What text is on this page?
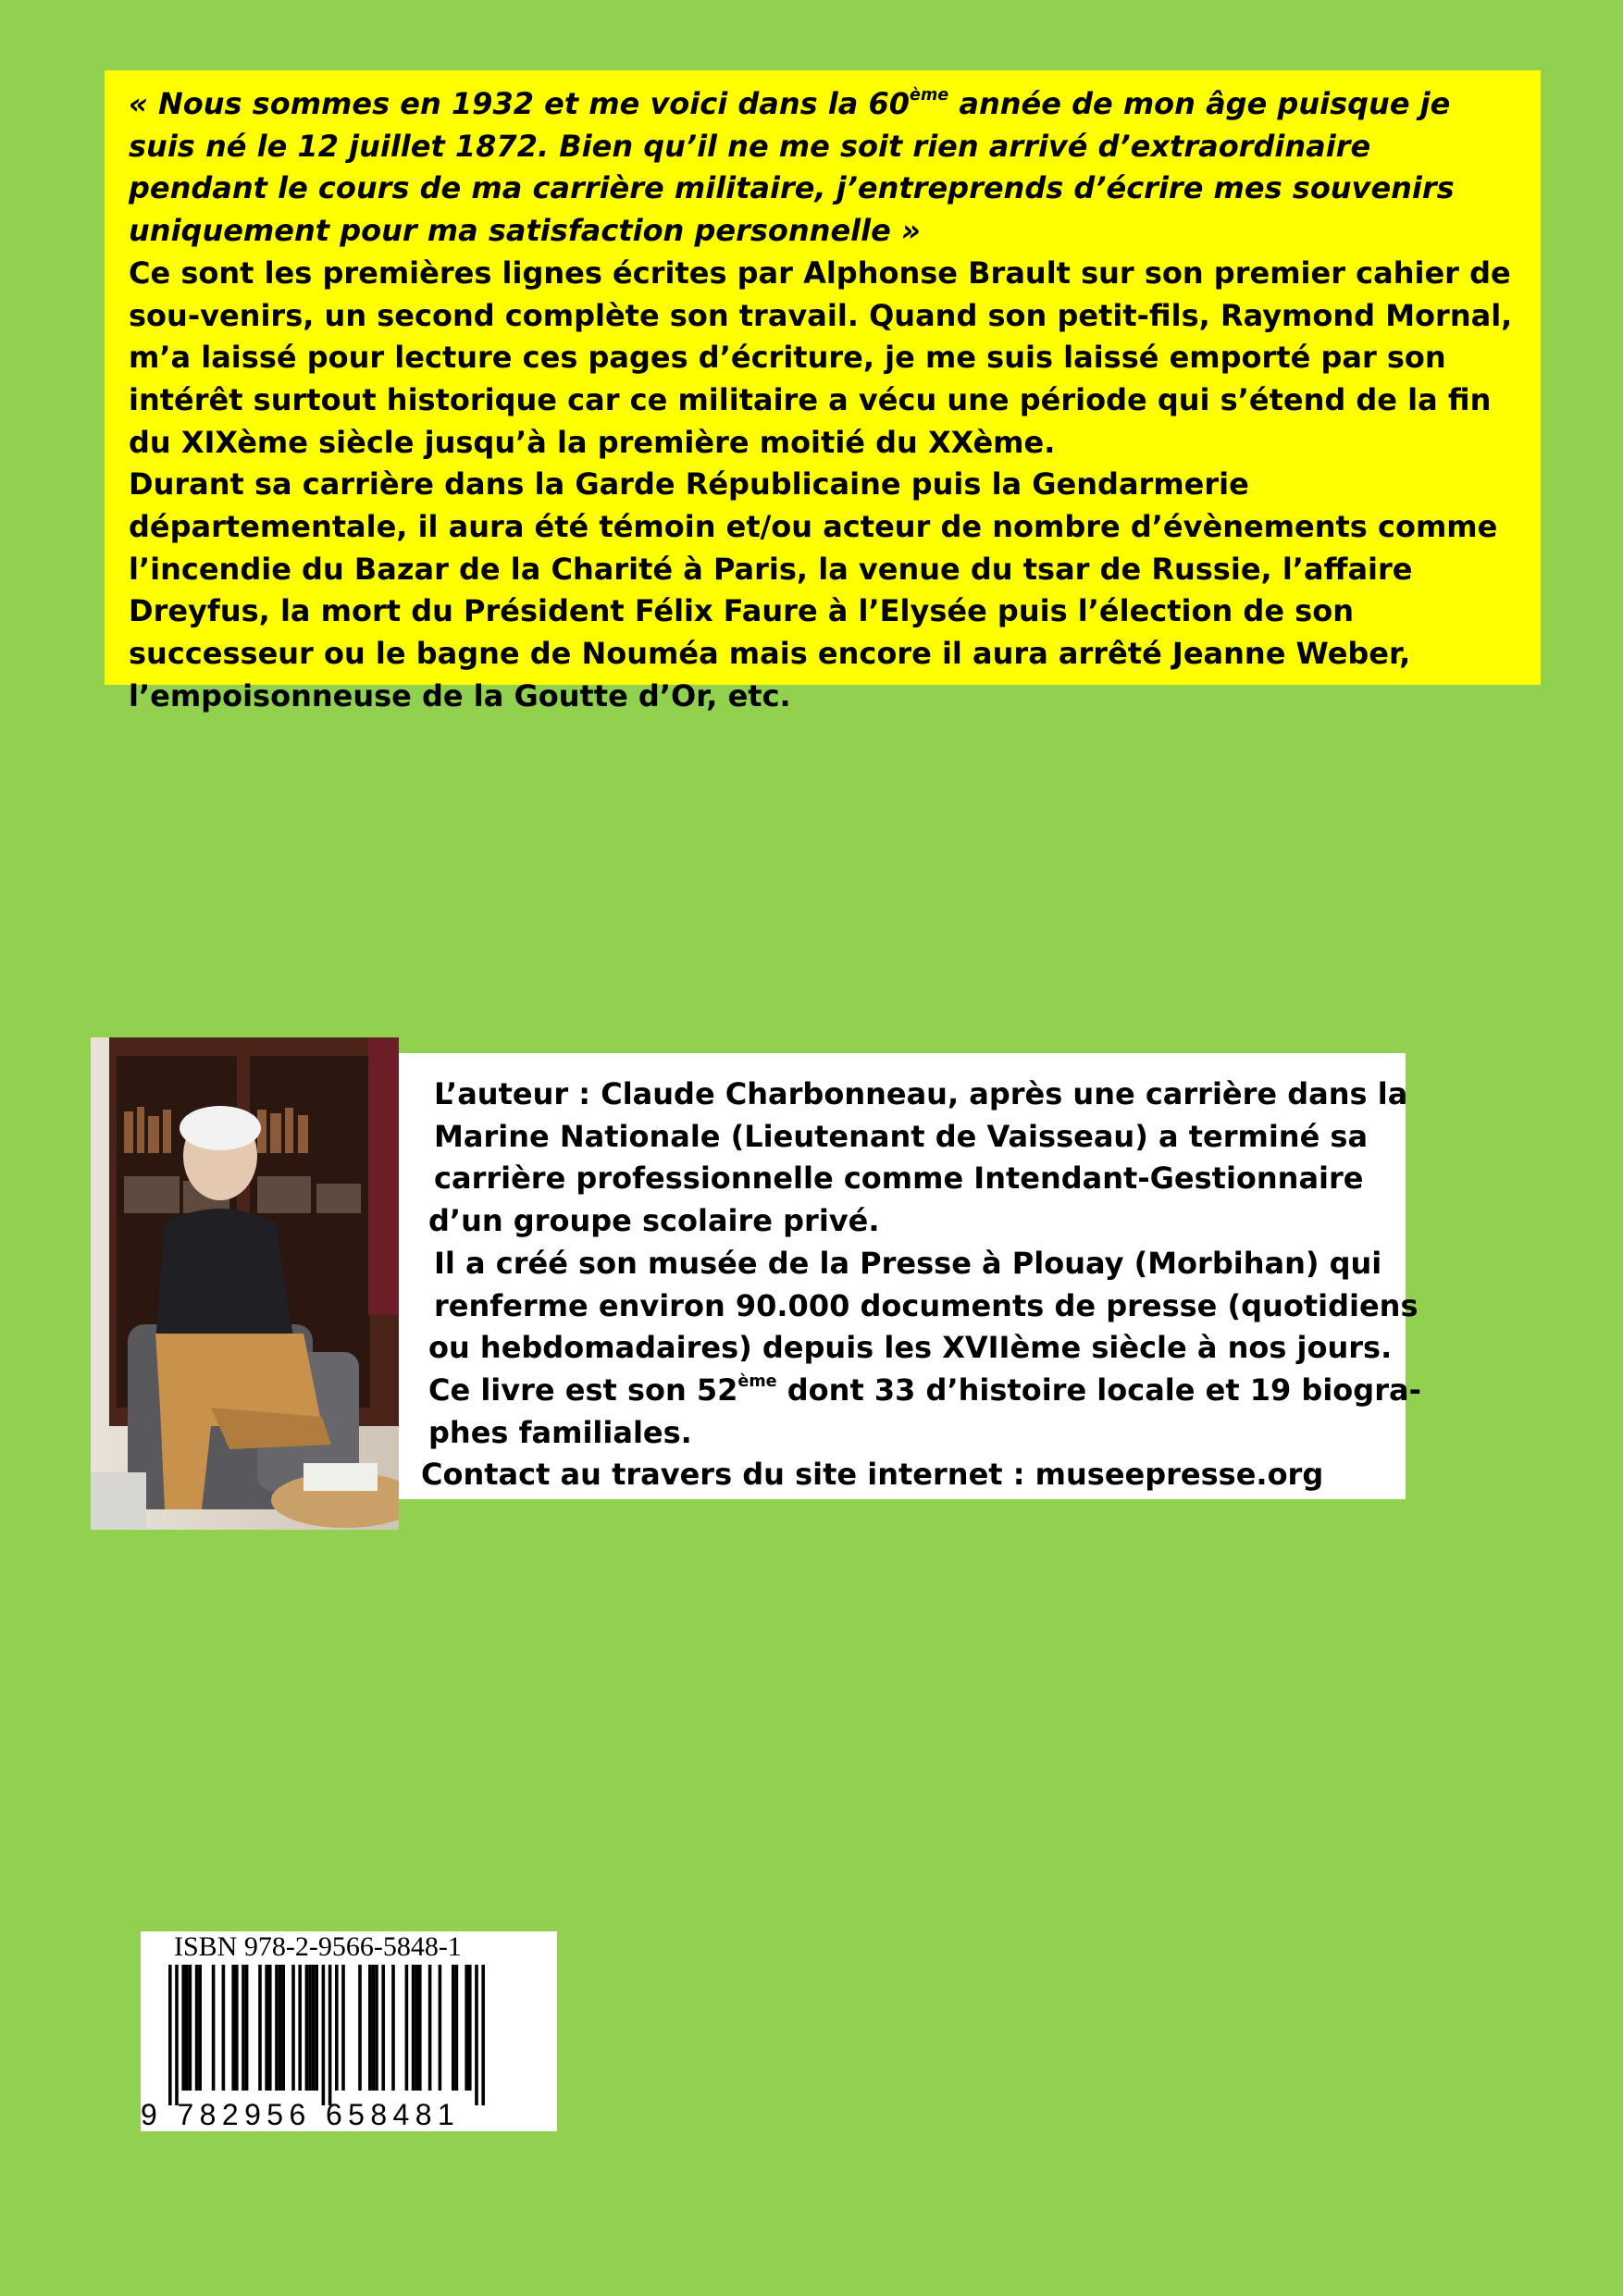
« Nous sommes en 1932 et me voici dans la 60ème année de mon âge puisque je suis né le 12 juillet 1872. Bien qu’il ne me soit rien arrivé d’extraordinaire pendant le cours de ma carrière militaire, j’entreprends d’écrire mes souvenirs uniquement pour ma satisfaction personnelle »

Ce sont les premières lignes écrites par Alphonse Brault sur son premier cahier de sou-venirs, un second complète son travail. Quand son petit-fils, Raymond Mornal, m’a laissé pour lecture ces pages d’écriture, je me suis laissé emporté par son intérêt surtout historique car ce militaire a vécu une période qui s’étend de la fin du XIXème siècle jusqu’à la première moitié du XXème.

Durant sa carrière dans la Garde Républicaine puis la Gendarmerie départementale, il aura été témoin et/ou acteur de nombre d’évènements comme l’incendie du Bazar de la Charité à Paris, la venue du tsar de Russie, l’affaire Dreyfus, la mort du Président Félix Faure à l’Elysée puis l’élection de son successeur ou le bagne de Nouméa mais encore il aura arrêté Jeanne Weber, l’empoisonneuse de la Goutte d’Or, etc.

L’auteur : Claude Charbonneau, après une carrière dans la
Marine Nationale (Lieutenant de Vaisseau) a terminé sa
carrière professionnelle comme Intendant-Gestionnaire
d’un groupe scolaire privé.
Il a créé son musée de la Presse à Plouay (Morbihan) qui
renferme environ 90.000 documents de presse (quotidiens
ou hebdomadaires) depuis les XVIIème siècle à nos jours.
Ce livre est son 52ème dont 33 d’histoire locale et 19 biogra-
phes familiales.
Contact au travers du site internet : museepresse.org
ISBN 978-2-9566-5848-1
9 782956 658481
